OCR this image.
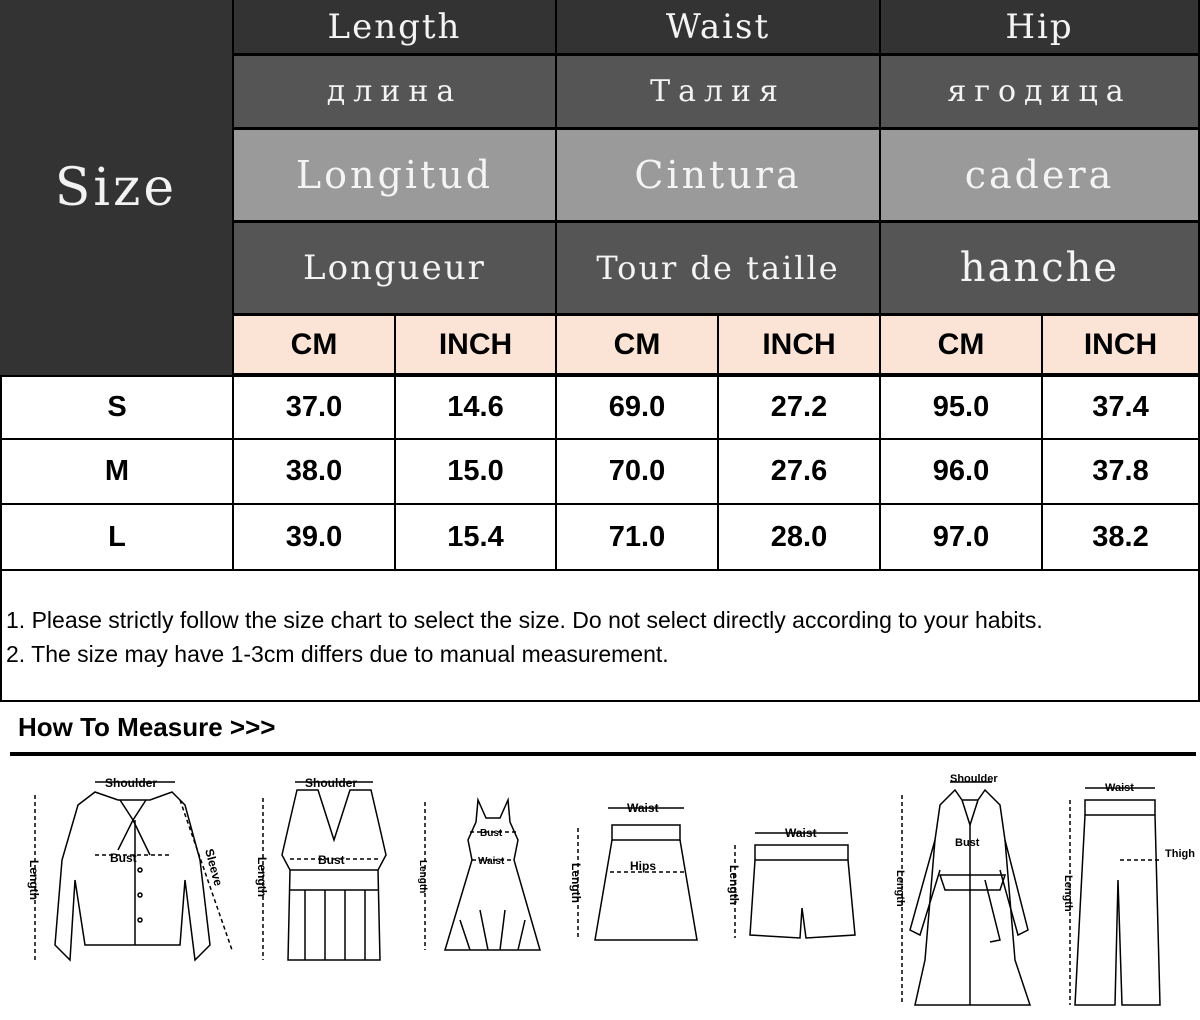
Size
Length	Waist	Hip
длина	Талия	ягодица
Longitud	Cintura	cadera
Longueur	Tour de taille	hanche
CM	INCH	CM	INCH	CM	INCH
S	37.0	14.6	69.0	27.2	95.0	37.4
M	38.0	15.0	70.0	27.6	96.0	37.8
L	39.0	15.4	71.0	28.0	97.0	38.2
1. Please strictly follow the size chart to select the size. Do not select directly according to your habits.
2. The size may have 1-3cm differs due to manual measurement.
How To Measure >>>
Shoulder
Bust	Sleeve
Length
Shoulder
Bust
Length
Bust
Waist
Length
Waist
Hips
Length
Waist
Length
Shoulder
Bust
Length
Waist
Thigh
Length
